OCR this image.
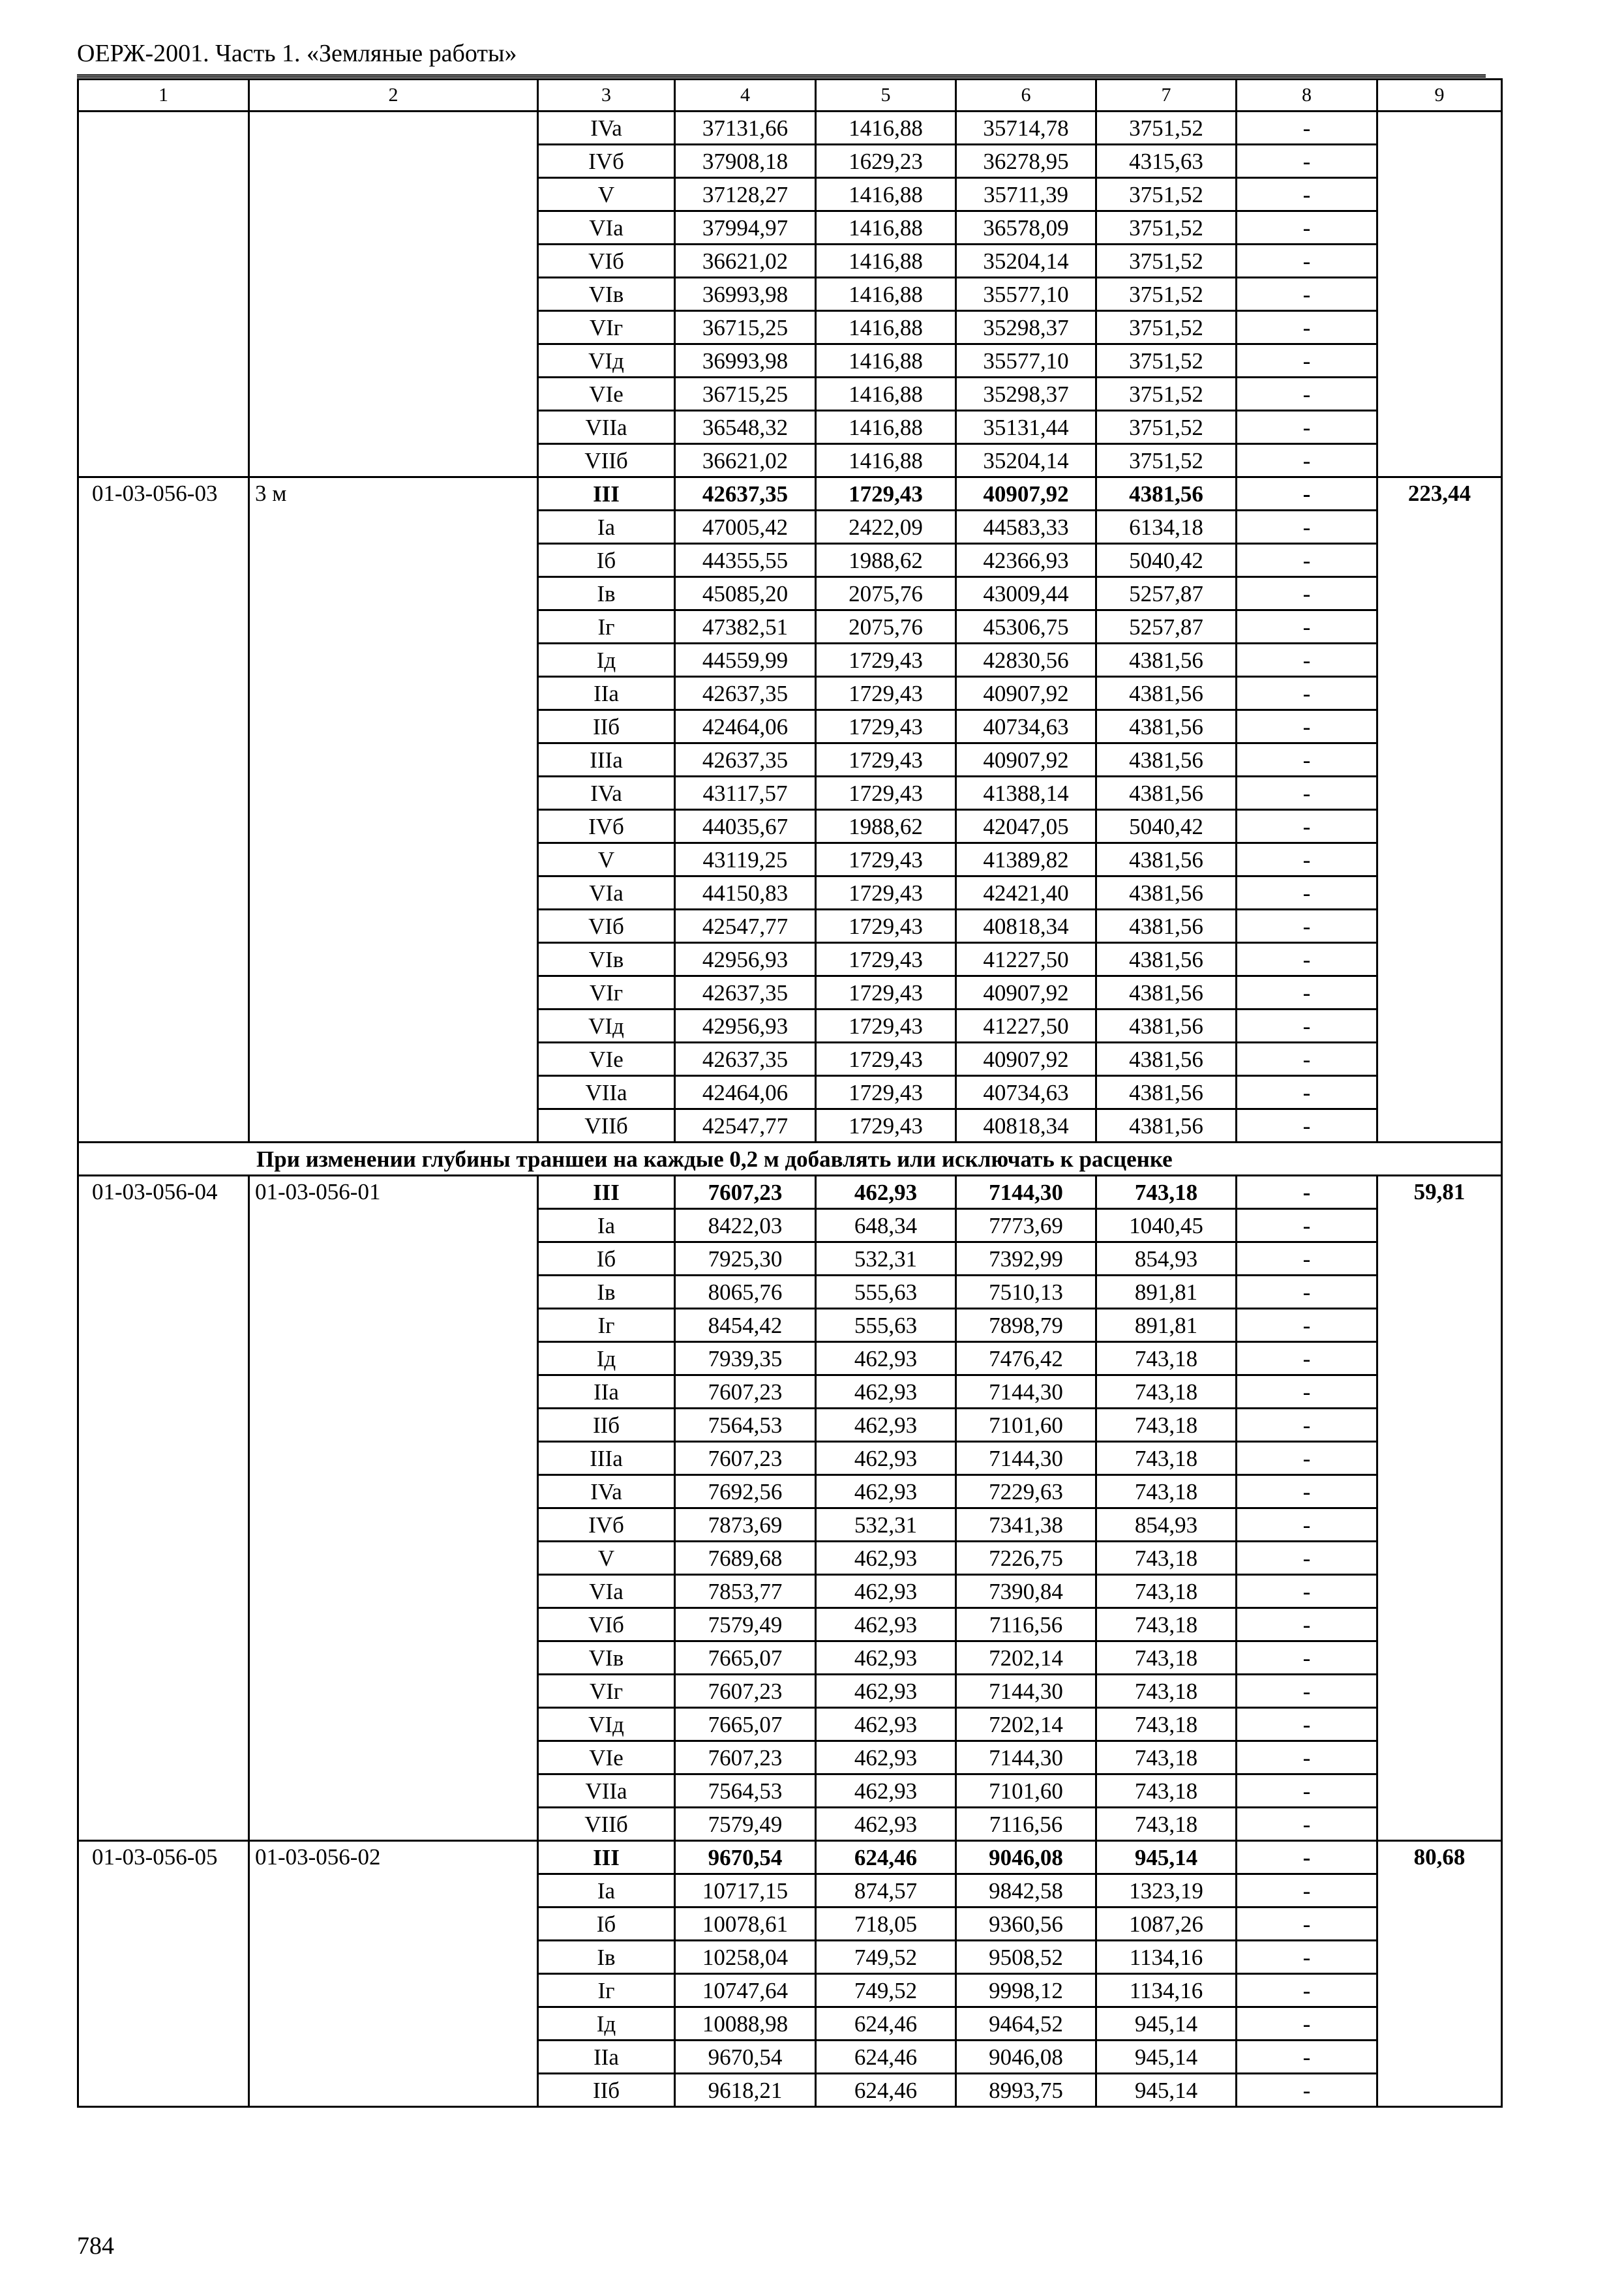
ОЕРЖ-2001. Часть 1. «Земляные работы»
1	2	3	4	5	6	7	8	9
		IVa	37131,66	1416,88	35714,78	3751,52	-	
		IVб	37908,18	1629,23	36278,95	4315,63	-	
		V	37128,27	1416,88	35711,39	3751,52	-	
		VIa	37994,97	1416,88	36578,09	3751,52	-	
		VIб	36621,02	1416,88	35204,14	3751,52	-	
		VIв	36993,98	1416,88	35577,10	3751,52	-	
		VIг	36715,25	1416,88	35298,37	3751,52	-	
		VIд	36993,98	1416,88	35577,10	3751,52	-	
		VIe	36715,25	1416,88	35298,37	3751,52	-	
		VIIa	36548,32	1416,88	35131,44	3751,52	-	
		VIIб	36621,02	1416,88	35204,14	3751,52	-	
01-03-056-03	3 м	III	42637,35	1729,43	40907,92	4381,56	-	223,44
		Ia	47005,42	2422,09	44583,33	6134,18	-	
		Iб	44355,55	1988,62	42366,93	5040,42	-	
		Iв	45085,20	2075,76	43009,44	5257,87	-	
		Iг	47382,51	2075,76	45306,75	5257,87	-	
		Iд	44559,99	1729,43	42830,56	4381,56	-	
		IIa	42637,35	1729,43	40907,92	4381,56	-	
		IIб	42464,06	1729,43	40734,63	4381,56	-	
		IIIa	42637,35	1729,43	40907,92	4381,56	-	
		IVa	43117,57	1729,43	41388,14	4381,56	-	
		IVб	44035,67	1988,62	42047,05	5040,42	-	
		V	43119,25	1729,43	41389,82	4381,56	-	
		VIa	44150,83	1729,43	42421,40	4381,56	-	
		VIб	42547,77	1729,43	40818,34	4381,56	-	
		VIв	42956,93	1729,43	41227,50	4381,56	-	
		VIг	42637,35	1729,43	40907,92	4381,56	-	
		VIд	42956,93	1729,43	41227,50	4381,56	-	
		VIe	42637,35	1729,43	40907,92	4381,56	-	
		VIIa	42464,06	1729,43	40734,63	4381,56	-	
		VIIб	42547,77	1729,43	40818,34	4381,56	-	
При изменении глубины траншеи на каждые 0,2 м добавлять или исключать к расценке								
01-03-056-04	01-03-056-01	III	7607,23	462,93	7144,30	743,18	-	59,81
		Ia	8422,03	648,34	7773,69	1040,45	-	
		Iб	7925,30	532,31	7392,99	854,93	-	
		Iв	8065,76	555,63	7510,13	891,81	-	
		Iг	8454,42	555,63	7898,79	891,81	-	
		Iд	7939,35	462,93	7476,42	743,18	-	
		IIa	7607,23	462,93	7144,30	743,18	-	
		IIб	7564,53	462,93	7101,60	743,18	-	
		IIIa	7607,23	462,93	7144,30	743,18	-	
		IVa	7692,56	462,93	7229,63	743,18	-	
		IVб	7873,69	532,31	7341,38	854,93	-	
		V	7689,68	462,93	7226,75	743,18	-	
		VIa	7853,77	462,93	7390,84	743,18	-	
		VIб	7579,49	462,93	7116,56	743,18	-	
		VIв	7665,07	462,93	7202,14	743,18	-	
		VIг	7607,23	462,93	7144,30	743,18	-	
		VIд	7665,07	462,93	7202,14	743,18	-	
		VIe	7607,23	462,93	7144,30	743,18	-	
		VIIa	7564,53	462,93	7101,60	743,18	-	
		VIIб	7579,49	462,93	7116,56	743,18	-	
01-03-056-05	01-03-056-02	III	9670,54	624,46	9046,08	945,14	-	80,68
		Ia	10717,15	874,57	9842,58	1323,19	-	
		Iб	10078,61	718,05	9360,56	1087,26	-	
		Iв	10258,04	749,52	9508,52	1134,16	-	
		Iг	10747,64	749,52	9998,12	1134,16	-	
		Iд	10088,98	624,46	9464,52	945,14	-	
		IIa	9670,54	624,46	9046,08	945,14	-	
		IIб	9618,21	624,46	8993,75	945,14	-	
784
